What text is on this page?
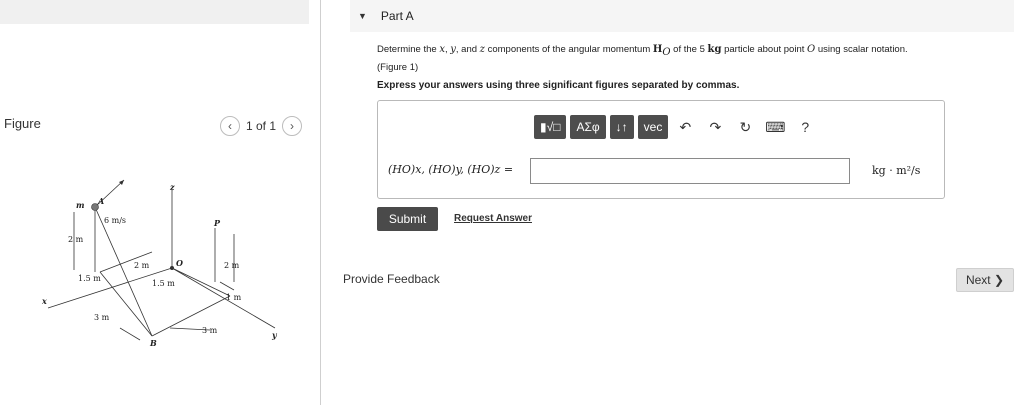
Figure	‹	1 of 1	›
m A
6 m/s
z
P
O
2 m
1.5 m
2 m
1.5 m
2 m
1 m
3 m
3 m
x
y
B
▼ Part A
Determine the x, y, and z components of the angular momentum $H_O$ of the 5 kg particle about point O using scalar notation.
(Figure 1)
Express your answers using three significant figures separated by commas.
▮√□	ΑΣφ	↓↑	vec	↶	↷	↻	⌨	?
(HO)x, (HO)y, (HO)z =	kg · m²/s
Submit	Request Answer
Provide Feedback	Next ❯
